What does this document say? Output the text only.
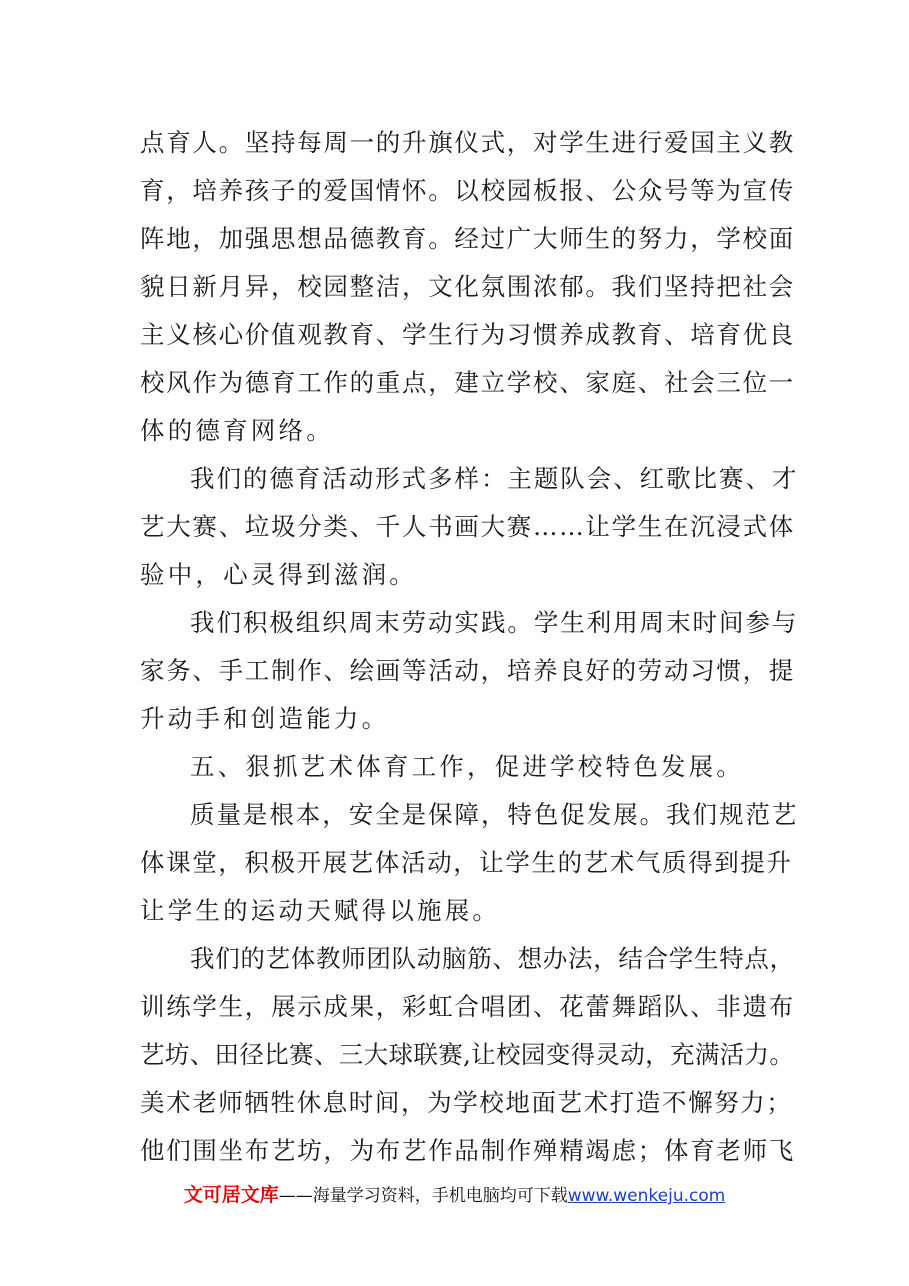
点育人。坚持每周一的升旗仪式，对学生进行爱国主义教
育，培养孩子的爱国情怀。以校园板报、公众号等为宣传
阵地，加强思想品德教育。经过广大师生的努力，学校面
貌日新月异，校园整洁，文化氛围浓郁。我们坚持把社会
主义核心价值观教育、学生行为习惯养成教育、培育优良
校风作为德育工作的重点，建立学校、家庭、社会三位一
体的德育网络。
我们的德育活动形式多样：主题队会、红歌比赛、才
艺大赛、垃圾分类、千人书画大赛……让学生在沉浸式体
验中，心灵得到滋润。
我们积极组织周末劳动实践。学生利用周末时间参与
家务、手工制作、绘画等活动，培养良好的劳动习惯，提
升动手和创造能力。
五、狠抓艺术体育工作，促进学校特色发展。
质量是根本，安全是保障，特色促发展。我们规范艺
体课堂，积极开展艺体活动，让学生的艺术气质得到提升
让学生的运动天赋得以施展。
我们的艺体教师团队动脑筋、想办法，结合学生特点，
训练学生，展示成果，彩虹合唱团、花蕾舞蹈队、非遗布
艺坊、田径比赛、三大球联赛,让校园变得灵动，充满活力。
美术老师牺牲休息时间，为学校地面艺术打造不懈努力；
他们围坐布艺坊，为布艺作品制作殚精竭虑；体育老师飞
文可居文库——海量学习资料，手机电脑均可下载www.wenkeju.com
